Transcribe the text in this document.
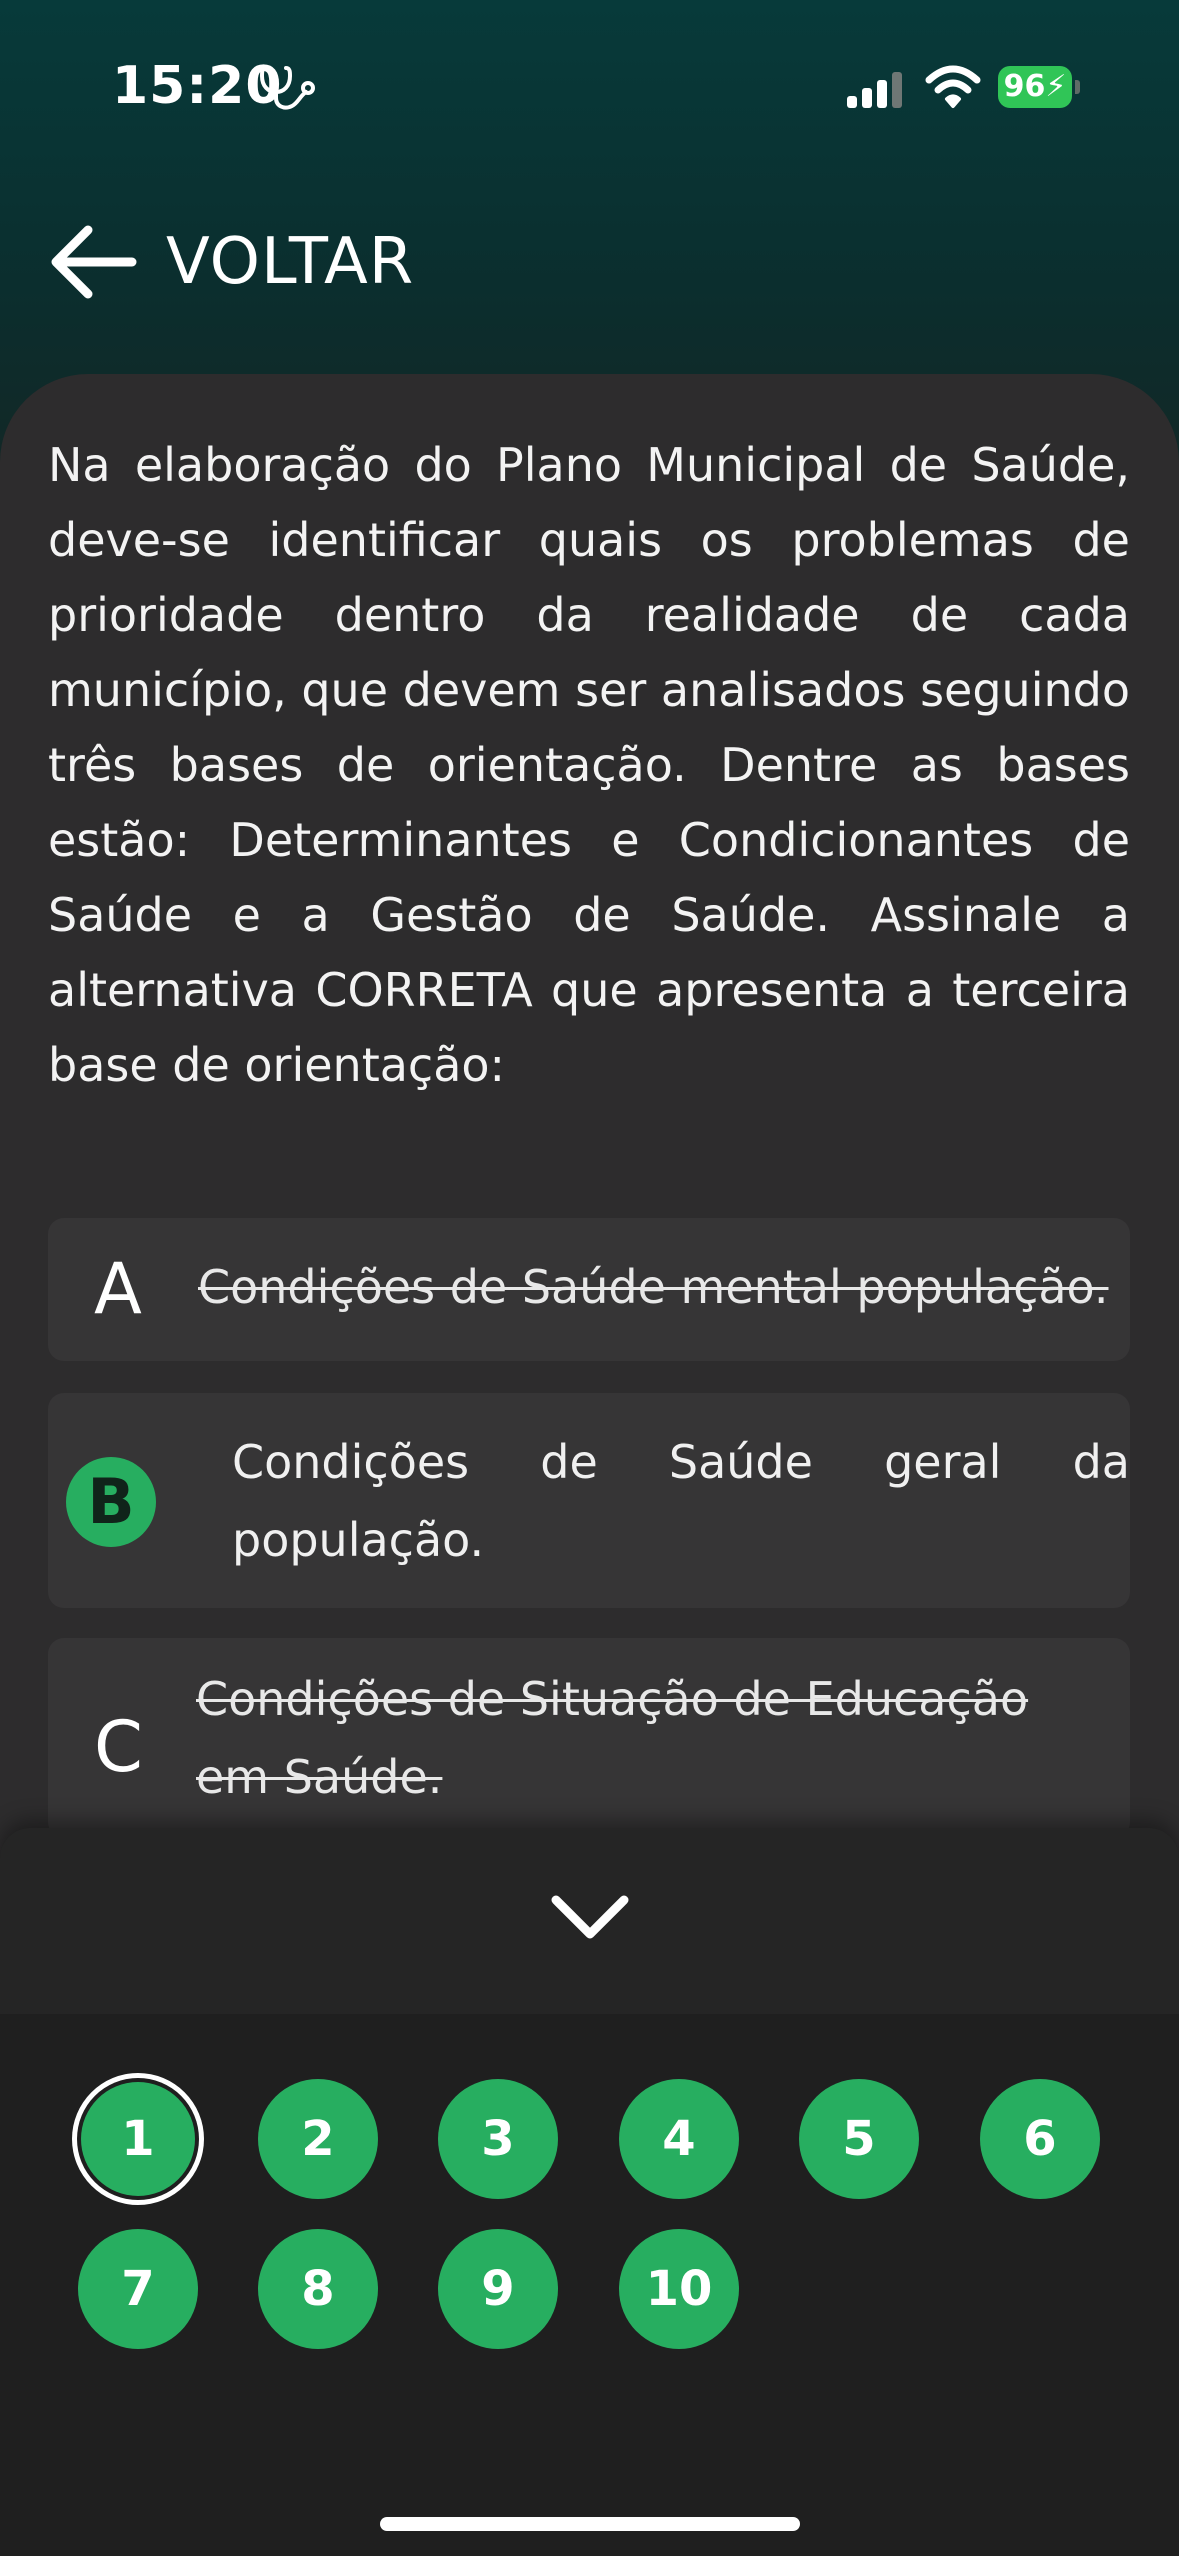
15:20	96⚡
VOLTAR
Na elaboração do Plano Municipal de Saúde, deve-se identificar quais os problemas de prioridade dentro da realidade de cada município, que devem ser analisados seguindo três bases de orientação. Dentre as bases estão: Determinantes e Condicionantes de Saúde e a Gestão de Saúde. Assinale a alternativa CORRETA que apresenta a terceira base de orientação:
A Condições de Saúde mental população.
B
Condições de Saúde geral da população.
C
Condições de Situação de Educação em Saúde.
1	2	3	4	5	6
7	8	9	10
